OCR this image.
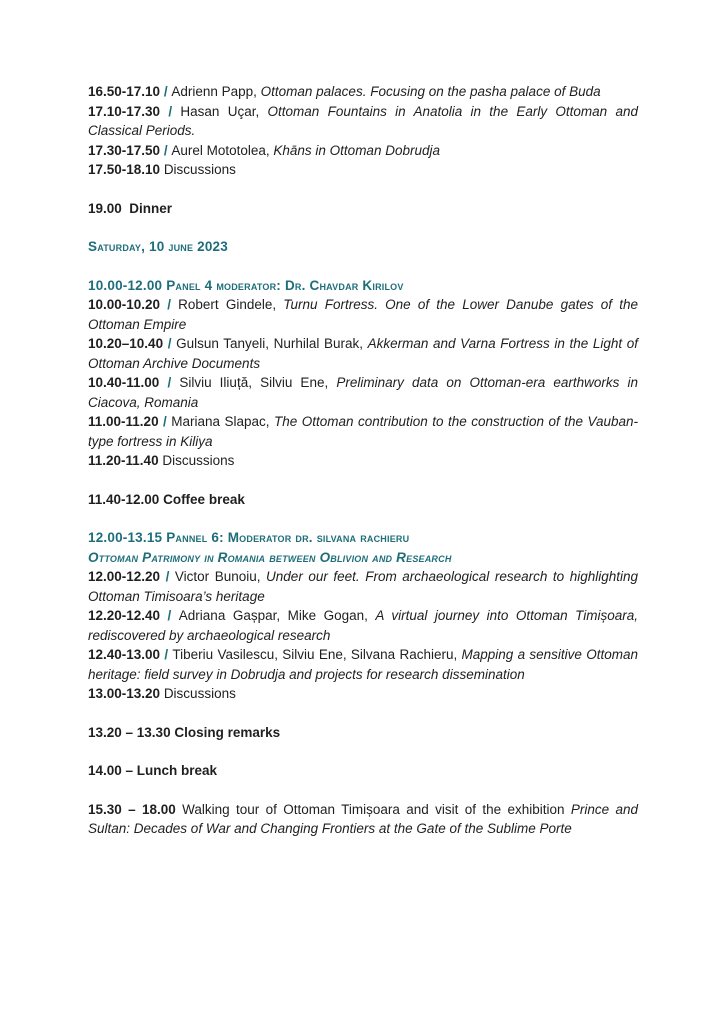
16.50-17.10 / Adrienn Papp, Ottoman palaces. Focusing on the pasha palace of Buda

17.10-17.30 / Hasan Uçar, Ottoman Fountains in Anatolia in the Early Ottoman and Classical Periods.

17.30-17.50 / Aurel Mototolea, Khāns in Ottoman Dobrudja

17.50-18.10 Discussions

19.00  Dinner

Saturday, 10 june 2023

10.00-12.00 Panel 4 moderator: Dr. Chavdar Kirilov

10.00-10.20 / Robert Gindele, Turnu Fortress. One of the Lower Danube gates of the Ottoman Empire

10.20–10.40 / Gulsun Tanyeli, Nurhilal Burak, Akkerman and Varna Fortress in the Light of Ottoman Archive Documents

10.40-11.00 / Silviu Iliuță, Silviu Ene, Preliminary data on Ottoman-era earthworks in Ciacova, Romania

11.00-11.20 / Mariana Slapac, The Ottoman contribution to the construction of the Vauban-type fortress in Kiliya

11.20-11.40 Discussions

11.40-12.00 Coffee break

12.00-13.15 Pannel 6: Moderator dr. silvana rachieru

Ottoman Patrimony in Romania between Oblivion and Research

12.00-12.20 / Victor Bunoiu, Under our feet. From archaeological research to highlighting Ottoman Timisoara’s heritage

12.20-12.40 / Adriana Gașpar, Mike Gogan, A virtual journey into Ottoman Timișoara, rediscovered by archaeological research

12.40-13.00 / Tiberiu Vasilescu, Silviu Ene, Silvana Rachieru, Mapping a sensitive Ottoman heritage: field survey in Dobrudja and projects for research dissemination

13.00-13.20 Discussions

13.20 – 13.30 Closing remarks

14.00 – Lunch break

15.30 – 18.00 Walking tour of Ottoman Timișoara and visit of the exhibition Prince and Sultan: Decades of War and Changing Frontiers at the Gate of the Sublime Porte
